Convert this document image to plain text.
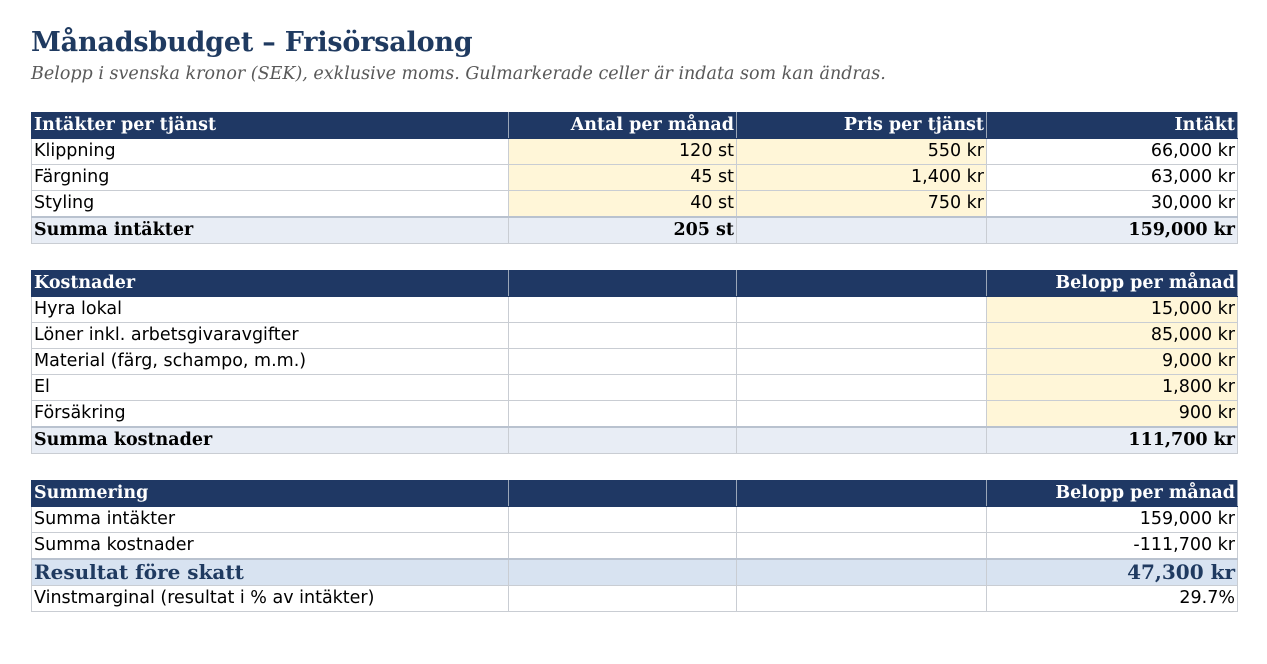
Månadsbudget – Frisörsalong
Belopp i svenska kronor (SEK), exklusive moms. Gulmarkerade celler är indata som kan ändras.
Intäkter per tjänst	Antal per månad	Pris per tjänst	Intäkt
Klippning	120 st	550 kr	66,000 kr
Färgning	45 st	1,400 kr	63,000 kr
Styling	40 st	750 kr	30,000 kr
Summa intäkter	205 st		159,000 kr
Kostnader			Belopp per månad
Hyra lokal			15,000 kr
Löner inkl. arbetsgivaravgifter			85,000 kr
Material (färg, schampo, m.m.)			9,000 kr
El			1,800 kr
Försäkring			900 kr
Summa kostnader			111,700 kr
Summering			Belopp per månad
Summa intäkter			159,000 kr
Summa kostnader			-111,700 kr
Resultat före skatt			47,300 kr
Vinstmarginal (resultat i % av intäkter)			29.7%
